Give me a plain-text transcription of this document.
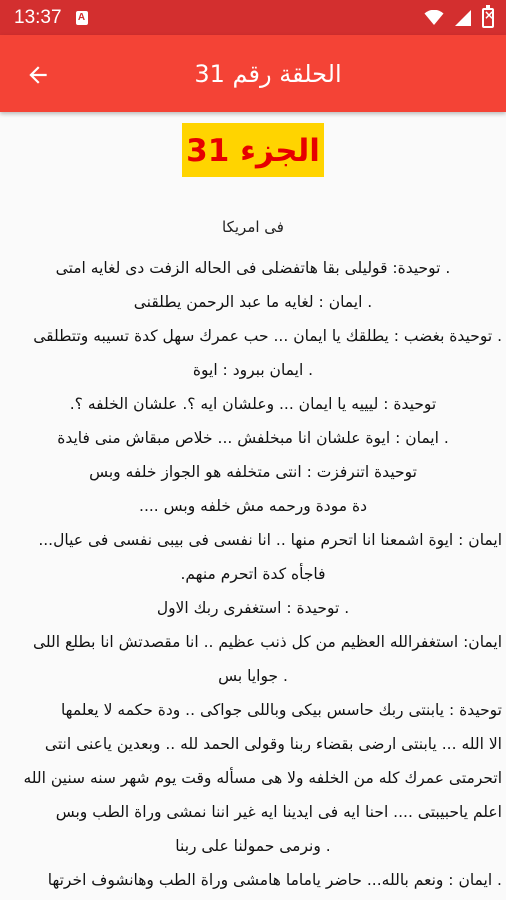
13:37 A
×
الحلقة رقم 31
الجزء 31
فى امريكا
. توحيدة: قوليلى بقا هاتفضلى فى الحاله الزفت دى لغايه امتى
. ايمان : لغايه ما عبد الرحمن يطلقنى
. توحيدة بغضب : يطلقك يا ايمان ... حب عمرك سهل كدة تسيبه وتتطلقى
. ايمان ببرود : ايوة
توحيدة : ليييه يا ايمان ... وعلشان ايه ؟. علشان الخلفه ؟.
. ايمان : ايوة علشان انا مبخلفش ... خلاص مبقاش منى فايدة
توحيدة اتنرفزت : انتى متخلفه هو الجواز خلفه وبس
دة مودة ورحمه مش خلفه وبس ....
ايمان : ايوة اشمعنا انا اتحرم منها .. انا نفسى فى بيبى نفسى فى عيال...
فاجأه كدة اتحرم منهم.
. توحيدة : استغفرى ربك الاول
ايمان: استغفرالله العظيم من كل ذنب عظيم .. انا مقصدتش انا بطلع اللى
. جوايا بس
توحيدة : يابنتى ربك حاسس بيكى وباللى جواكى .. ودة حكمه لا يعلمها
الا الله ... يابنتى ارضى بقضاء ربنا وقولى الحمد لله .. وبعدين ياعنى انتى
اتحرمتى عمرك كله من الخلفه ولا هى مسأله وقت يوم شهر سنه سنين الله
اعلم ياحبيبتى .... احنا ايه فى ايدينا ايه غير اننا نمشى وراة الطب وبس
. ونرمى حمولنا على ربنا
. ايمان : ونعم بالله... حاضر ياماما هامشى وراة الطب وهانشوف اخرتها
